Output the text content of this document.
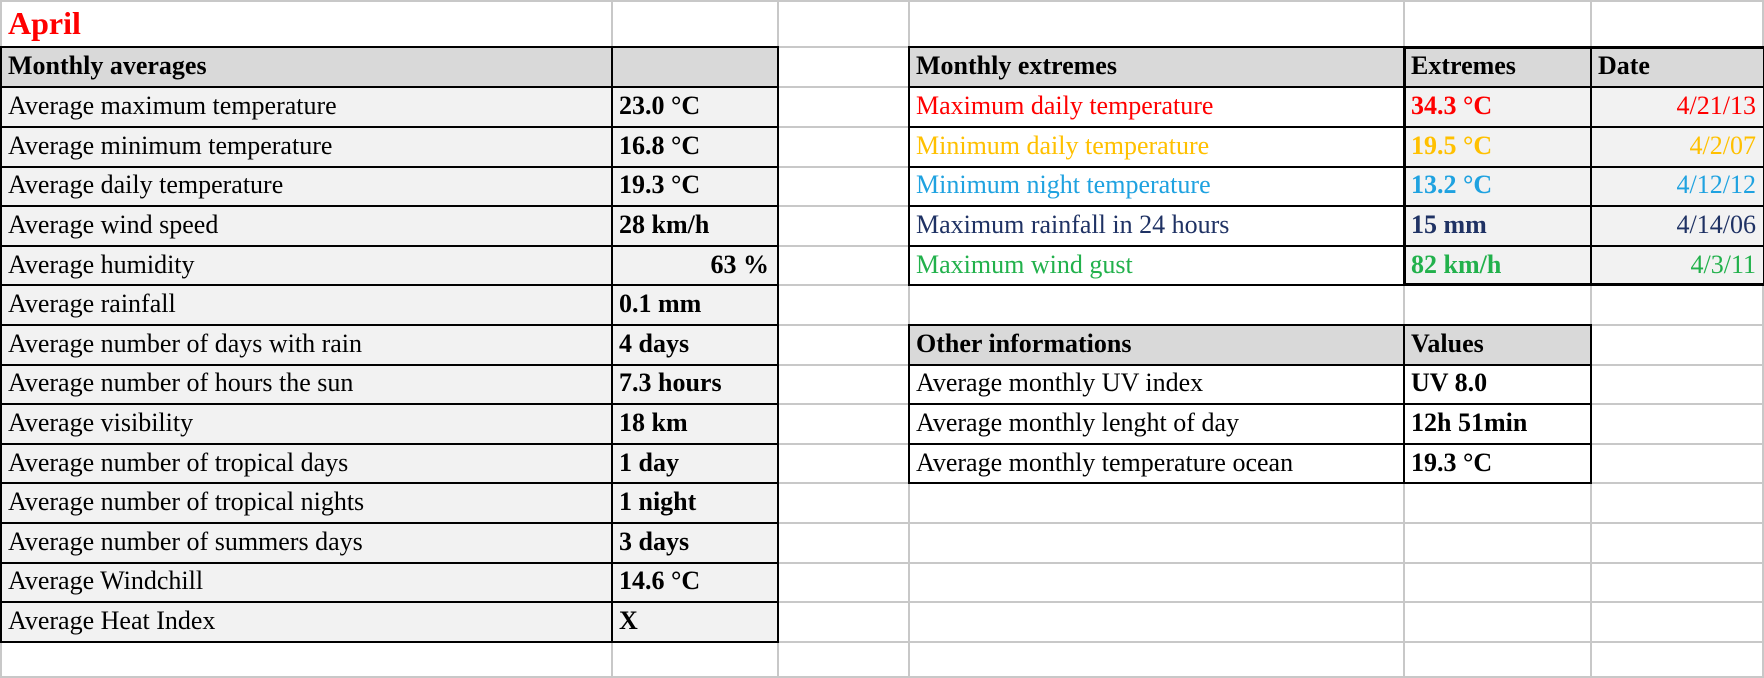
April
Monthly averages
Average maximum temperature	23.0 °C
Average minimum temperature	16.8 °C
Average daily temperature	19.3 °C
Average wind speed	28 km/h
Average humidity	63 %
Average rainfall	0.1 mm
Average number of days with rain	4 days
Average number of hours the sun	7.3 hours
Average visibility	18 km
Average number of tropical days	1 day
Average number of tropical nights	1 night
Average number of summers days	3 days
Average Windchill	14.6 °C
Average Heat Index	X
Monthly extremes	Extremes	Date
Maximum daily temperature	34.3 °C	4/21/13
Minimum daily temperature	19.5 °C	4/2/07
Minimum night temperature	13.2 °C	4/12/12
Maximum rainfall in 24 hours	15 mm	4/14/06
Maximum wind gust	82 km/h	4/3/11
Other informations	Values
Average monthly UV index	UV 8.0
Average monthly lenght of day	12h 51min
Average monthly temperature ocean	19.3 °C
